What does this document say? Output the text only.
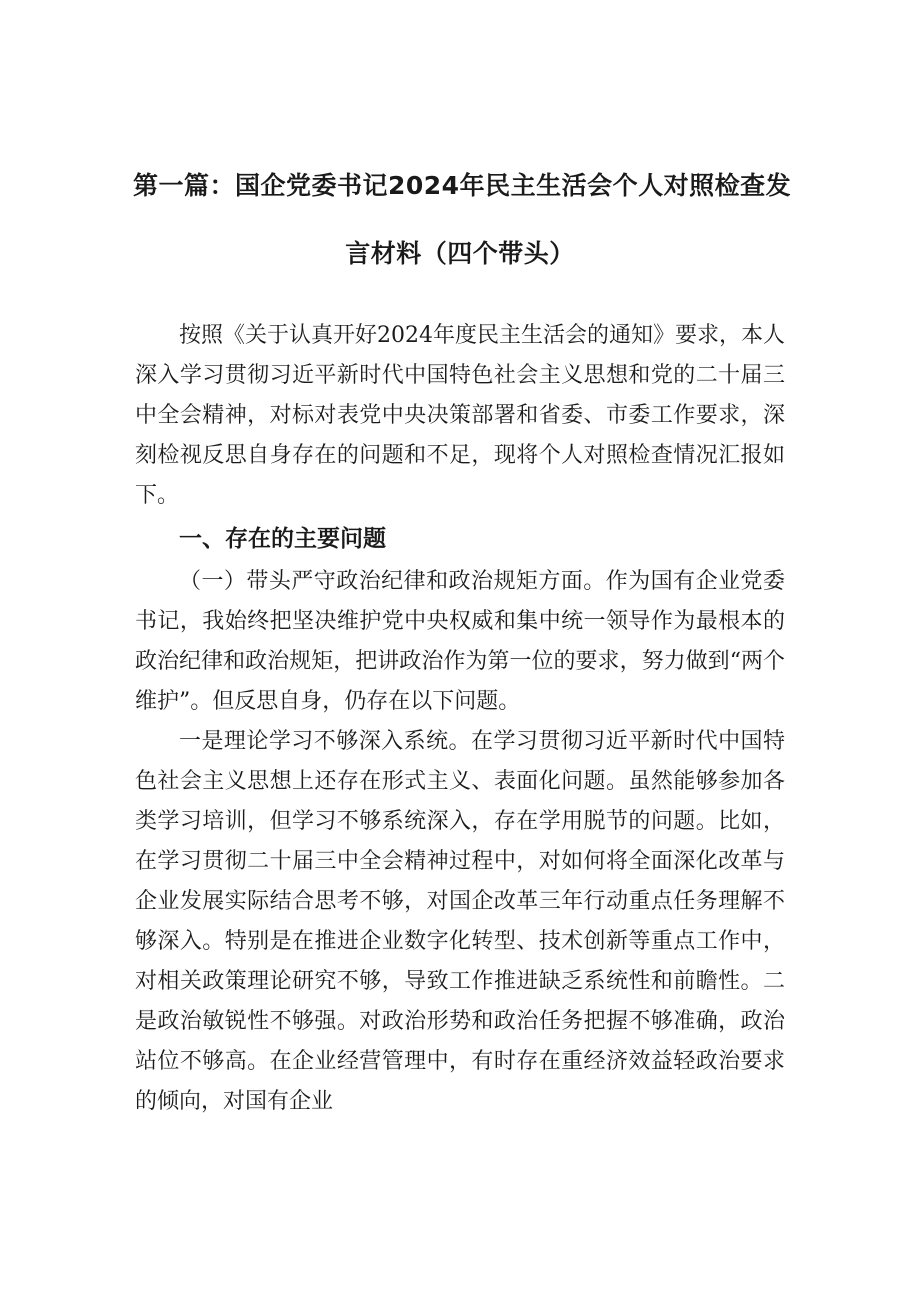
第一篇：国企党委书记2024年民主生活会个人对照检查发
言材料（四个带头）

按照《关于认真开好2024年度民主生活会的通知》要求，本人深入学习贯彻习近平新时代中国特色社会主义思想和党的二十届三中全会精神，对标对表党中央决策部署和省委、市委工作要求，深刻检视反思自身存在的问题和不足，现将个人对照检查情况汇报如下。

一、存在的主要问题

（一）带头严守政治纪律和政治规矩方面。作为国有企业党委书记，我始终把坚决维护党中央权威和集中统一领导作为最根本的政治纪律和政治规矩，把讲政治作为第一位的要求，努力做到“两个维护”。但反思自身，仍存在以下问题。

一是理论学习不够深入系统。在学习贯彻习近平新时代中国特色社会主义思想上还存在形式主义、表面化问题。虽然能够参加各类学习培训，但学习不够系统深入，存在学用脱节的问题。比如，在学习贯彻二十届三中全会精神过程中，对如何将全面深化改革与企业发展实际结合思考不够，对国企改革三年行动重点任务理解不够深入。特别是在推进企业数字化转型、技术创新等重点工作中，对相关政策理论研究不够，导致工作推进缺乏系统性和前瞻性。二是政治敏锐性不够强。对政治形势和政治任务把握不够准确，政治站位不够高。在企业经营管理中，有时存在重经济效益轻政治要求的倾向，对国有企业
